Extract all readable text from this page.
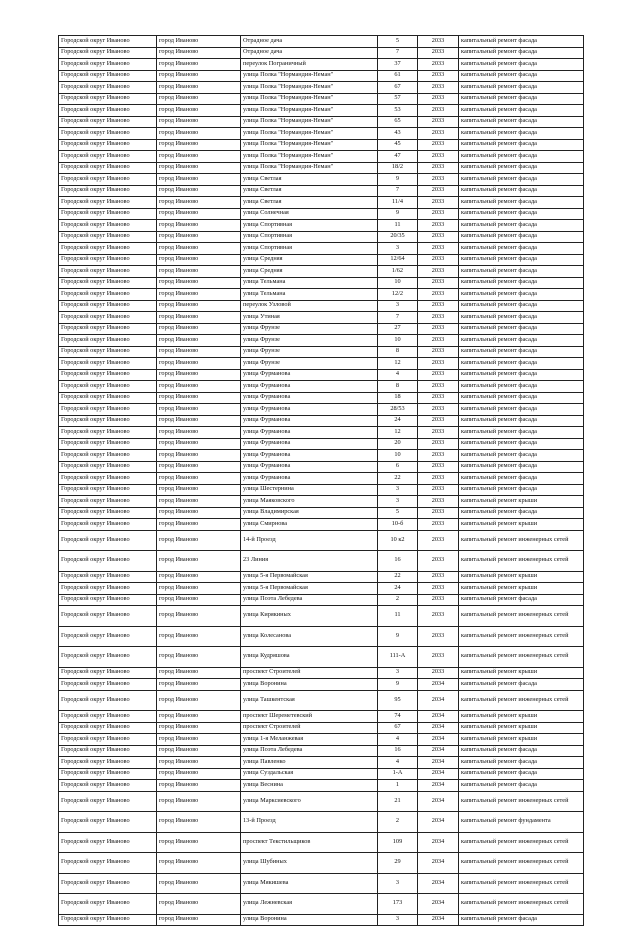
Городской округ Иваново	город Иваново	Отрадное дача	5	2033	капитальный ремонт фасада
Городской округ Иваново	город Иваново	Отрадное дача	7	2033	капитальный ремонт фасада
Городской округ Иваново	город Иваново	переулок Пограничный	37	2033	капитальный ремонт фасада
Городской округ Иваново	город Иваново	улица Полка "Нормандия-Неман"	61	2033	капитальный ремонт фасада
Городской округ Иваново	город Иваново	улица Полка "Нормандия-Неман"	67	2033	капитальный ремонт фасада
Городской округ Иваново	город Иваново	улица Полка "Нормандия-Неман"	57	2033	капитальный ремонт фасада
Городской округ Иваново	город Иваново	улица Полка "Нормандия-Неман"	53	2033	капитальный ремонт фасада
Городской округ Иваново	город Иваново	улица Полка "Нормандия-Неман"	65	2033	капитальный ремонт фасада
Городской округ Иваново	город Иваново	улица Полка "Нормандия-Неман"	43	2033	капитальный ремонт фасада
Городской округ Иваново	город Иваново	улица Полка "Нормандия-Неман"	45	2033	капитальный ремонт фасада
Городской округ Иваново	город Иваново	улица Полка "Нормандия-Неман"	47	2033	капитальный ремонт фасада
Городской округ Иваново	город Иваново	улица Полка "Нормандия-Неман"	18/2	2033	капитальный ремонт фасада
Городской округ Иваново	город Иваново	улица Светлая	9	2033	капитальный ремонт фасада
Городской округ Иваново	город Иваново	улица Светлая	7	2033	капитальный ремонт фасада
Городской округ Иваново	город Иваново	улица Светлая	11/4	2033	капитальный ремонт фасада
Городской округ Иваново	город Иваново	улица Солнечная	9	2033	капитальный ремонт фасада
Городской округ Иваново	город Иваново	улица Спортивная	11	2033	капитальный ремонт фасада
Городской округ Иваново	город Иваново	улица Спортивная	20/35	2033	капитальный ремонт фасада
Городской округ Иваново	город Иваново	улица Спортивная	3	2033	капитальный ремонт фасада
Городской округ Иваново	город Иваново	улица Средняя	12/64	2033	капитальный ремонт фасада
Городской округ Иваново	город Иваново	улица Средняя	1/62	2033	капитальный ремонт фасада
Городской округ Иваново	город Иваново	улица Тельмана	10	2033	капитальный ремонт фасада
Городской округ Иваново	город Иваново	улица Тельмана	12/2	2033	капитальный ремонт фасада
Городской округ Иваново	город Иваново	переулок Узловой	3	2033	капитальный ремонт фасада
Городской округ Иваново	город Иваново	улица Утиная	7	2033	капитальный ремонт фасада
Городской округ Иваново	город Иваново	улица Фрунзе	27	2033	капитальный ремонт фасада
Городской округ Иваново	город Иваново	улица Фрунзе	10	2033	капитальный ремонт фасада
Городской округ Иваново	город Иваново	улица Фрунзе	8	2033	капитальный ремонт фасада
Городской округ Иваново	город Иваново	улица Фрунзе	12	2033	капитальный ремонт фасада
Городской округ Иваново	город Иваново	улица Фурманова	4	2033	капитальный ремонт фасада
Городской округ Иваново	город Иваново	улица Фурманова	8	2033	капитальный ремонт фасада
Городской округ Иваново	город Иваново	улица Фурманова	18	2033	капитальный ремонт фасада
Городской округ Иваново	город Иваново	улица Фурманова	28/53	2033	капитальный ремонт фасада
Городской округ Иваново	город Иваново	улица Фурманова	24	2033	капитальный ремонт фасада
Городской округ Иваново	город Иваново	улица Фурманова	12	2033	капитальный ремонт фасада
Городской округ Иваново	город Иваново	улица Фурманова	20	2033	капитальный ремонт фасада
Городской округ Иваново	город Иваново	улица Фурманова	10	2033	капитальный ремонт фасада
Городской округ Иваново	город Иваново	улица Фурманова	6	2033	капитальный ремонт фасада
Городской округ Иваново	город Иваново	улица Фурманова	22	2033	капитальный ремонт фасада
Городской округ Иваново	город Иваново	улица Шестернина	3	2033	капитальный ремонт фасада
Городской округ Иваново	город Иваново	улица Маяковского	3	2033	капитальный ремонт крыши
Городской округ Иваново	город Иваново	улица Владимирская	5	2033	капитальный ремонт фасада
Городской округ Иваново	город Иваново	улица Смирнова	10-б	2033	капитальный ремонт крыши
Городской округ Иваново	город Иваново	14-й Проезд	10 к2	2033	капитальный ремонт инженерных сетей
Городской округ Иваново	город Иваново	23 Линия	16	2033	капитальный ремонт инженерных сетей
Городской округ Иваново	город Иваново	улица 5-я Первомайская	22	2033	капитальный ремонт крыши
Городской округ Иваново	город Иваново	улица 5-я Первомайская	24	2033	капитальный ремонт крыши
Городской округ Иваново	город Иваново	улица Поэта Лебедева	2	2033	капитальный ремонт фасада
Городской округ Иваново	город Иваново	улица Кирякиных	11	2033	капитальный ремонт инженерных сетей
Городской округ Иваново	город Иваново	улица Колесанова	9	2033	капитальный ремонт инженерных сетей
Городской округ Иваново	город Иваново	улица Кудряшова	111-А	2033	капитальный ремонт инженерных сетей
Городской округ Иваново	город Иваново	проспект Строителей	3	2033	капитальный ремонт крыши
Городской округ Иваново	город Иваново	улица Воронина	9	2034	капитальный ремонт фасада
Городской округ Иваново	город Иваново	улица Ташкентская	95	2034	капитальный ремонт инженерных сетей
Городской округ Иваново	город Иваново	проспект Шереметевский	74	2034	капитальный ремонт крыши
Городской округ Иваново	город Иваново	проспект Строителей	67	2034	капитальный ремонт крыши
Городской округ Иваново	город Иваново	улица 1-я Меланжевая	4	2034	капитальный ремонт крыши
Городской округ Иваново	город Иваново	улица Поэта Лебедева	16	2034	капитальный ремонт фасада
Городской округ Иваново	город Иваново	улица Павленко	4	2034	капитальный ремонт фасада
Городской округ Иваново	город Иваново	улица Суздальская	1-А	2034	капитальный ремонт фасада
Городской округ Иваново	город Иваново	улица Веснина	1	2034	капитальный ремонт фасада
Городской округ Иваново	город Иваново	улица Марксиевского	21	2034	капитальный ремонт инженерных сетей
Городской округ Иваново	город Иваново	13-й Проезд	2	2034	капитальный ремонт фундамента
Городской округ Иваново	город Иваново	проспект Текстильщиков	109	2034	капитальный ремонт инженерных сетей
Городской округ Иваново	город Иваново	улица Шубиных	29	2034	капитальный ремонт инженерных сетей
Городской округ Иваново	город Иваново	улица Мякишева	3	2034	капитальный ремонт инженерных сетей
Городской округ Иваново	город Иваново	улица Лежневская	173	2034	капитальный ремонт инженерных сетей
Городской округ Иваново	город Иваново	улица Воронина	3	2034	капитальный ремонт фасада
